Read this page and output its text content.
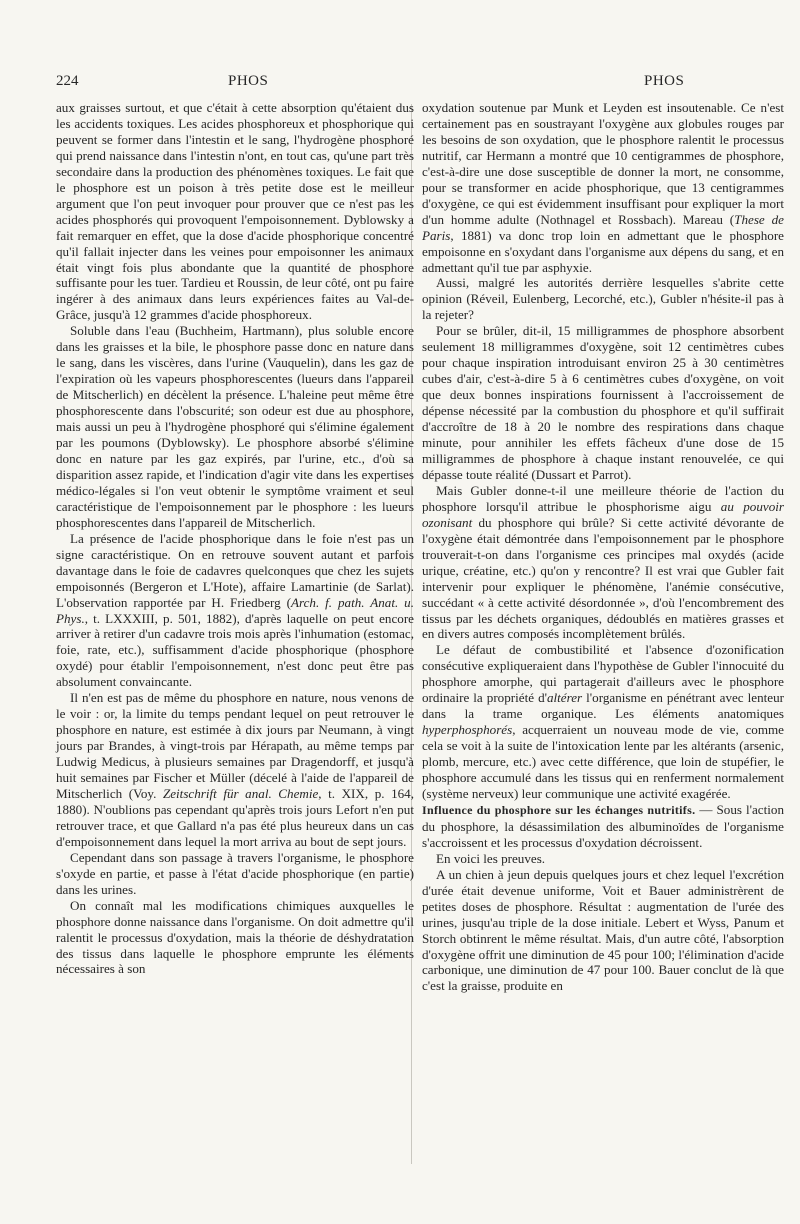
224	PHOS	PHOS

aux graisses surtout, et que c'était à cette absorption qu'étaient dus les accidents toxiques. Les acides phosphoreux et phosphorique qui peuvent se former dans l'intestin et le sang, l'hydrogène phosphoré qui prend naissance dans l'intestin n'ont, en tout cas, qu'une part très secondaire dans la production des phénomènes toxiques. Le fait que le phosphore est un poison à très petite dose est le meilleur argument que l'on peut invoquer pour prouver que ce n'est pas les acides phosphorés qui provoquent l'empoisonnement. Dyblowsky a fait remarquer en effet, que la dose d'acide phosphorique concentré qu'il fallait injecter dans les veines pour empoisonner les animaux était vingt fois plus abondante que la quantité de phosphore suffisante pour les tuer. Tardieu et Roussin, de leur côté, ont pu faire ingérer à des animaux dans leurs expériences faites au Val-de-Grâce, jusqu'à 12 grammes d'acide phosphoreux.

Soluble dans l'eau (Buchheim, Hartmann), plus soluble encore dans les graisses et la bile, le phosphore passe donc en nature dans le sang, dans les viscères, dans l'urine (Vauquelin), dans les gaz de l'expiration où les vapeurs phosphorescentes (lueurs dans l'appareil de Mitscherlich) en décèlent la présence. L'haleine peut même être phosphorescente dans l'obscurité; son odeur est due au phosphore, mais aussi un peu à l'hydrogène phosphoré qui s'élimine également par les poumons (Dyblowsky). Le phosphore absorbé s'élimine donc en nature par les gaz expirés, par l'urine, etc., d'où sa disparition assez rapide, et l'indication d'agir vite dans les expertises médico-légales si l'on veut obtenir le symptôme vraiment et seul caractéristique de l'empoisonnement par le phosphore : les lueurs phosphorescentes dans l'appareil de Mitscherlich.

La présence de l'acide phosphorique dans le foie n'est pas un signe caractéristique. On en retrouve souvent autant et parfois davantage dans le foie de cadavres quelconques que chez les sujets empoisonnés (Bergeron et L'Hote), affaire Lamartinie (de Sarlat). L'observation rapportée par H. Friedberg (Arch. f. path. Anat. u. Phys., t. LXXXIII, p. 501, 1882), d'après laquelle on peut encore arriver à retirer d'un cadavre trois mois après l'inhumation (estomac, foie, rate, etc.), suffisamment d'acide phosphorique (phosphore oxydé) pour établir l'empoisonnement, n'est donc peut être pas absolument convaincante.

Il n'en est pas de même du phosphore en nature, nous venons de le voir : or, la limite du temps pendant lequel on peut retrouver le phosphore en nature, est estimée à dix jours par Neumann, à vingt jours par Brandes, à vingt-trois par Hérapath, au même temps par Ludwig Medicus, à plusieurs semaines par Dragendorff, et jusqu'à huit semaines par Fischer et Müller (décelé à l'aide de l'appareil de Mitscherlich (Voy. Zeitschrift für anal. Chemie, t. XIX, p. 164, 1880). N'oublions pas cependant qu'après trois jours Lefort n'en put retrouver trace, et que Gallard n'a pas été plus heureux dans un cas d'empoisonnement dans lequel la mort arriva au bout de sept jours.

Cependant dans son passage à travers l'organisme, le phosphore s'oxyde en partie, et passe à l'état d'acide phosphorique (en partie) dans les urines.

On connaît mal les modifications chimiques auxquelles le phosphore donne naissance dans l'organisme. On doit admettre qu'il ralentit le processus d'oxydation, mais la théorie de déshydratation des tissus dans laquelle le phosphore emprunte les éléments nécessaires à son

oxydation soutenue par Munk et Leyden est insoutenable. Ce n'est certainement pas en soustrayant l'oxygène aux globules rouges par les besoins de son oxydation, que le phosphore ralentit le processus nutritif, car Hermann a montré que 10 centigrammes de phosphore, c'est-à-dire une dose susceptible de donner la mort, ne consomme, pour se transformer en acide phosphorique, que 13 centigrammes d'oxygène, ce qui est évidemment insuffisant pour expliquer la mort d'un homme adulte (Nothnagel et Rossbach). Mareau (These de Paris, 1881) va donc trop loin en admettant que le phosphore empoisonne en s'oxydant dans l'organisme aux dépens du sang, et en admettant qu'il tue par asphyxie.

Aussi, malgré les autorités derrière lesquelles s'abrite cette opinion (Réveil, Eulenberg, Lecorché, etc.), Gubler n'hésite-il pas à la rejeter?

Pour se brûler, dit-il, 15 milligrammes de phosphore absorbent seulement 18 milligrammes d'oxygène, soit 12 centimètres cubes pour chaque inspiration introduisant environ 25 à 30 centimètres cubes d'air, c'est-à-dire 5 à 6 centimètres cubes d'oxygène, on voit que deux bonnes inspirations fournissent à l'accroissement de dépense nécessité par la combustion du phosphore et qu'il suffirait d'accroître de 18 à 20 le nombre des respirations dans chaque minute, pour annihiler les effets fâcheux d'une dose de 15 milligrammes de phosphore à chaque instant renouvelée, ce qui dépasse toute réalité (Dussart et Parrot).

Mais Gubler donne-t-il une meilleure théorie de l'action du phosphore lorsqu'il attribue le phosphorisme aigu au pouvoir ozonisant du phosphore qui brûle? Si cette activité dévorante de l'oxygène était démontrée dans l'empoisonnement par le phosphore trouverait-t-on dans l'organisme ces principes mal oxydés (acide urique, créatine, etc.) qu'on y rencontre? Il est vrai que Gubler fait intervenir pour expliquer le phénomène, l'anémie consécutive, succédant « à cette activité désordonnée », d'où l'encombrement des tissus par les déchets organiques, dédoublés en matières grasses et en divers autres composés incomplètement brûlés.

Le défaut de combustibilité et l'absence d'ozonification consécutive expliqueraient dans l'hypothèse de Gubler l'innocuité du phosphore amorphe, qui partagerait d'ailleurs avec le phosphore ordinaire la propriété d'altérer l'organisme en pénétrant avec lenteur dans la trame organique. Les éléments anatomiques hyperphosphorés, acquerraient un nouveau mode de vie, comme cela se voit à la suite de l'intoxication lente par les altérants (arsenic, plomb, mercure, etc.) avec cette différence, que loin de stupéfier, le phosphore accumulé dans les tissus qui en renferment normalement (système nerveux) leur communique une activité exagérée.

Influence du phosphore sur les échanges nutritifs. — Sous l'action du phosphore, la désassimilation des albuminoïdes de l'organisme s'accroissent et les processus d'oxydation décroissent.

En voici les preuves.

A un chien à jeun depuis quelques jours et chez lequel l'excrétion d'urée était devenue uniforme, Voit et Bauer administrèrent de petites doses de phosphore. Résultat : augmentation de l'urée des urines, jusqu'au triple de la dose initiale. Lebert et Wyss, Panum et Storch obtinrent le même résultat. Mais, d'un autre côté, l'absorption d'oxygène offrit une diminution de 45 pour 100; l'élimination d'acide carbonique, une diminution de 47 pour 100. Bauer conclut de là que c'est la graisse, produite en
